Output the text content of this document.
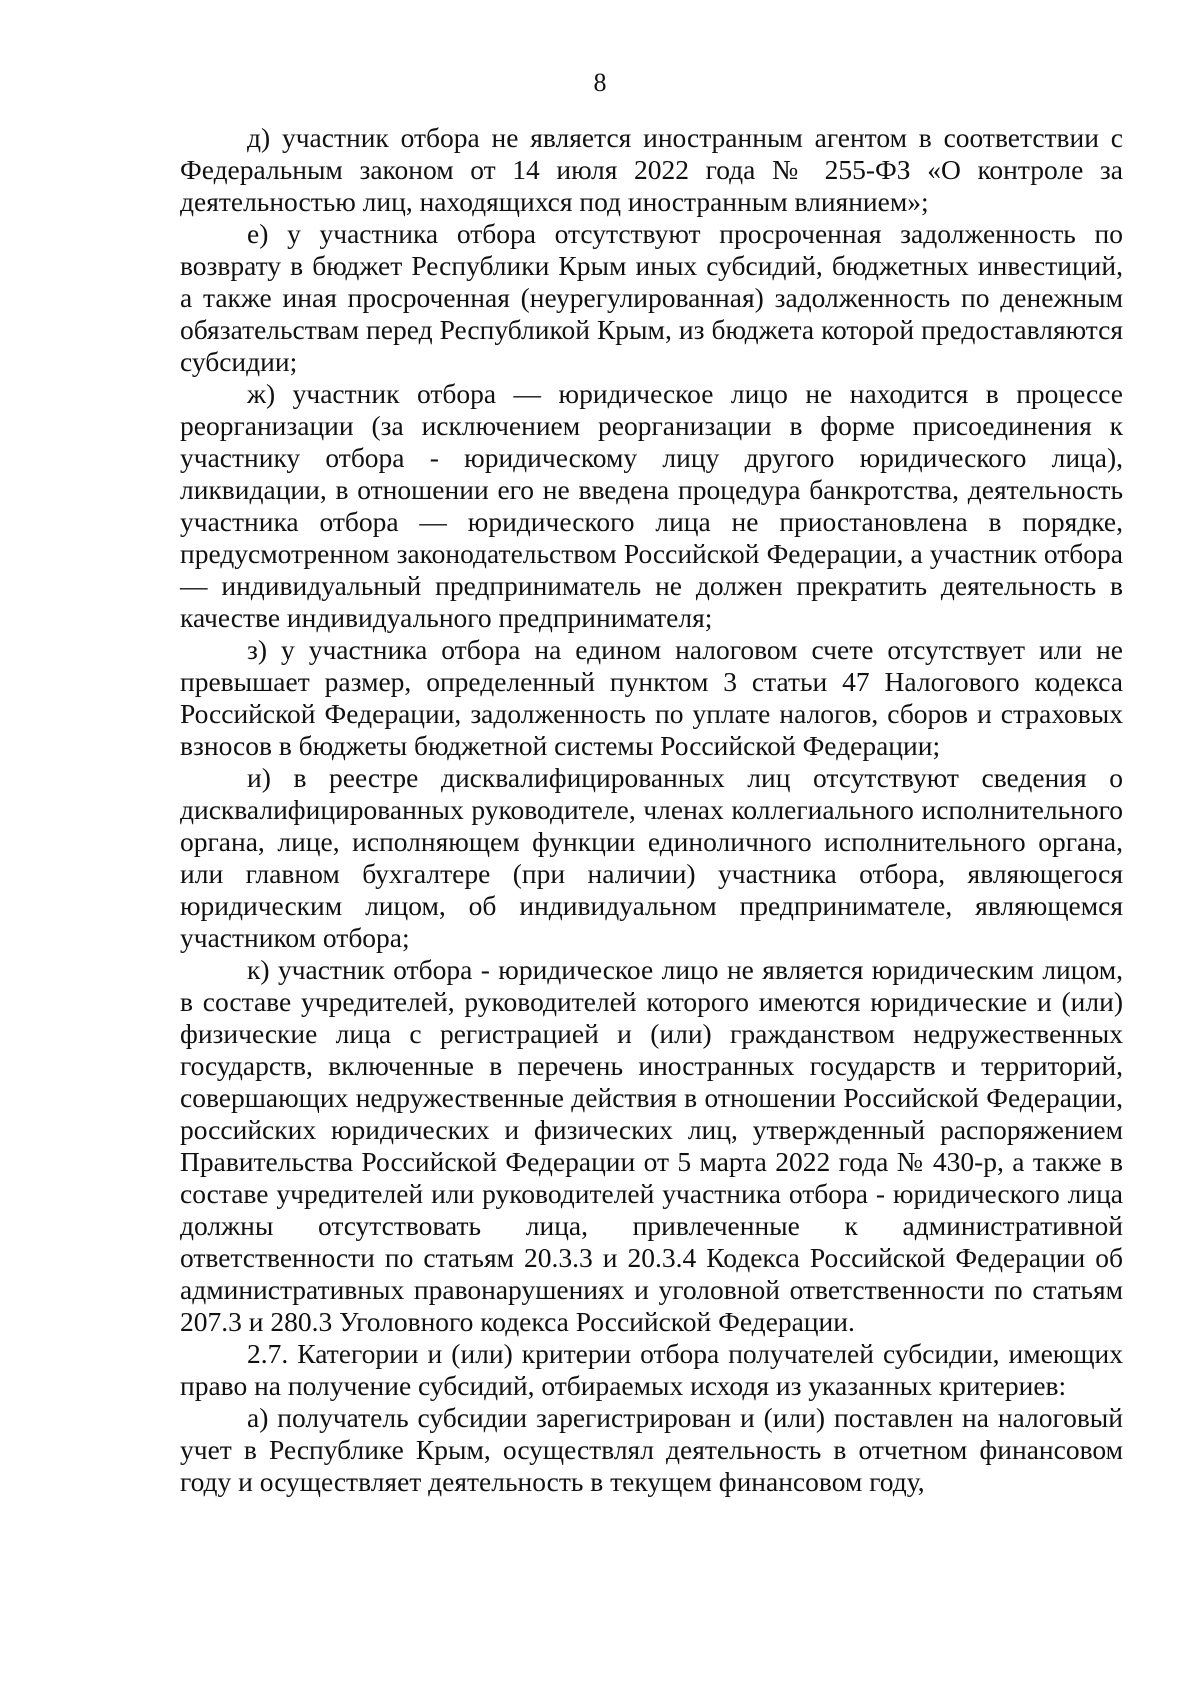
8

д) участник отбора не является иностранным агентом в соответствии с Федеральным законом от 14 июля 2022 года № 255-ФЗ «О контроле за деятельностью лиц, находящихся под иностранным влиянием»;

е) у участника отбора отсутствуют просроченная задолженность по возврату в бюджет Республики Крым иных субсидий, бюджетных инвестиций, а также иная просроченная (неурегулированная) задолженность по денежным обязательствам перед Республикой Крым, из бюджета которой предоставляются субсидии;

ж) участник отбора — юридическое лицо не находится в процессе реорганизации (за исключением реорганизации в форме присоединения к участнику отбора - юридическому лицу другого юридического лица), ликвидации, в отношении его не введена процедура банкротства, деятельность участника отбора — юридического лица не приостановлена в порядке, предусмотренном законодательством Российской Федерации, а участник отбора — индивидуальный предприниматель не должен прекратить деятельность в качестве индивидуального предпринимателя;

з) у участника отбора на едином налоговом счете отсутствует или не превышает размер, определенный пунктом 3 статьи 47 Налогового кодекса Российской Федерации, задолженность по уплате налогов, сборов и страховых взносов в бюджеты бюджетной системы Российской Федерации;

и) в реестре дисквалифицированных лиц отсутствуют сведения о дисквалифицированных руководителе, членах коллегиального исполнительного органа, лице, исполняющем функции единоличного исполнительного органа, или главном бухгалтере (при наличии) участника отбора, являющегося юридическим лицом, об индивидуальном предпринимателе, являющемся участником отбора;

к) участник отбора - юридическое лицо не является юридическим лицом, в составе учредителей, руководителей которого имеются юридические и (или) физические лица с регистрацией и (или) гражданством недружественных государств, включенные в перечень иностранных государств и территорий, совершающих недружественные действия в отношении Российской Федерации, российских юридических и физических лиц, утвержденный распоряжением Правительства Российской Федерации от 5 марта 2022 года № 430-р, а также в составе учредителей или руководителей участника отбора - юридического лица должны отсутствовать лица, привлеченные к административной ответственности по статьям 20.3.3 и 20.3.4 Кодекса Российской Федерации об административных правонарушениях и уголовной ответственности по статьям 207.3 и 280.3 Уголовного кодекса Российской Федерации.

2.7. Категории и (или) критерии отбора получателей субсидии, имеющих право на получение субсидий, отбираемых исходя из указанных критериев:

а) получатель субсидии зарегистрирован и (или) поставлен на налоговый учет в Республике Крым, осуществлял деятельность в отчетном финансовом году и осуществляет деятельность в текущем финансовом году,
